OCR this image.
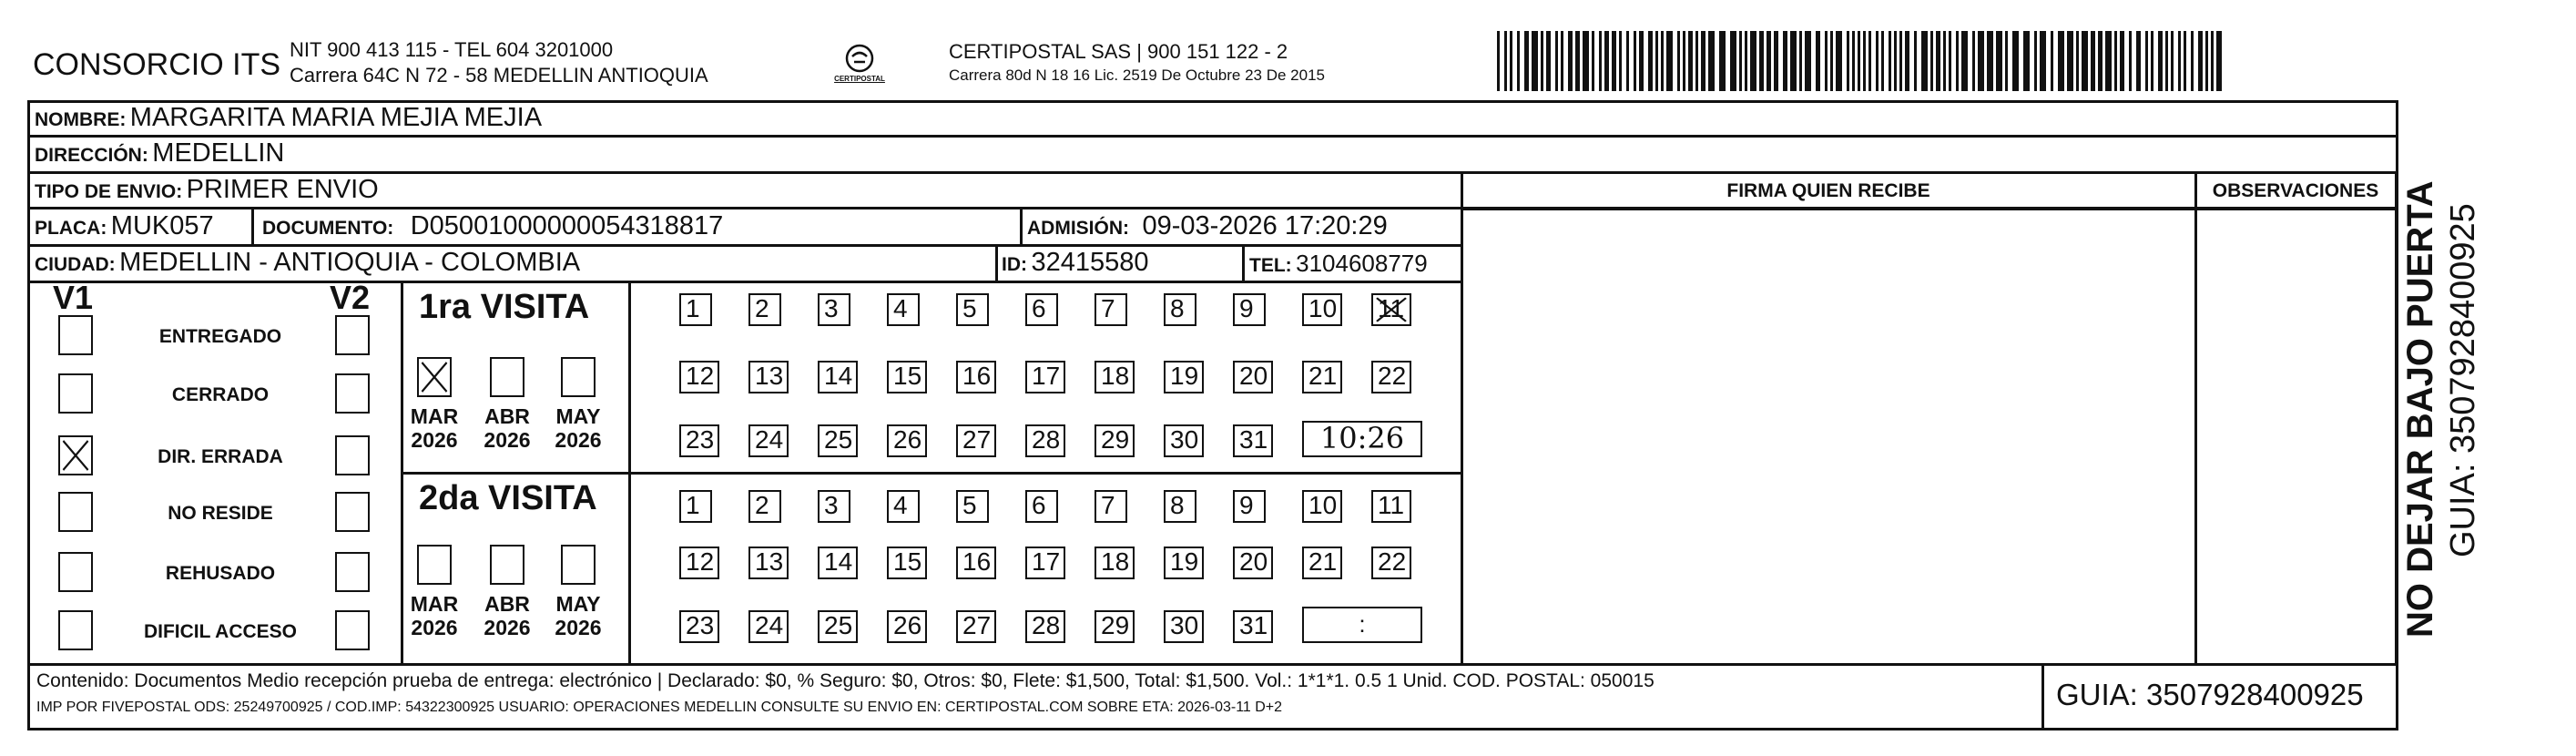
CONSORCIO ITS NIT 900 413 115 - TEL 604 3201000
Carrera 64C N 72 - 58 MEDELLIN ANTIOQUIA	CERTIPOSTAL
CERTIPOSTAL SAS | 900 151 122 - 2
Carrera 80d N 18 16 Lic. 2519 De Octubre 23 De 2015
NOMBRE: MARGARITA MARIA MEJIA MEJIA
DIRECCIÓN: MEDELLIN
TIPO DE ENVIO: PRIMER ENVIO
PLACA: MUK057	DOCUMENTO: D05001000000054318817	ADMISIÓN: 09-03-2026 17:20:29
CIUDAD: MEDELLIN - ANTIOQUIA - COLOMBIA	ID: 32415580	TEL: 3104608779
FIRMA QUIEN RECIBE	OBSERVACIONES
V1	V2
ENTREGADO
CERRADO
DIR. ERRADA
NO RESIDE
REHUSADO
DIFICIL ACCESO
1ra VISITA
MAR
2026
ABR
2026
MAY
2026
1	2	3	4	5	6	7	8	9	10 11
12 13 14 15 16 17 18 19 20 21 22
23 24 25 26 27 28 29 30 31	10:26
2da VISITA
MAR
2026
ABR
2026
MAY
2026
1	2	3	4	5	6	7	8	9	10 11
12 13 14 15 16 17 18 19 20 21 22
23 24 25 26 27 28 29 30 31	:
Contenido: Documentos Medio recepción prueba de entrega: electrónico | Declarado: $0, % Seguro: $0, Otros: $0, Flete: $1,500, Total: $1,500. Vol.: 1*1*1. 0.5 1 Unid. COD. POSTAL: 050015
IMP POR FIVEPOSTAL ODS: 25249700925 / COD.IMP: 54322300925 USUARIO: OPERACIONES MEDELLIN CONSULTE SU ENVIO EN: CERTIPOSTAL.COM SOBRE ETA: 2026-03-11 D+2	GUIA: 3507928400925
NO DEJAR BAJO PUERTA GUIA: 3507928400925
